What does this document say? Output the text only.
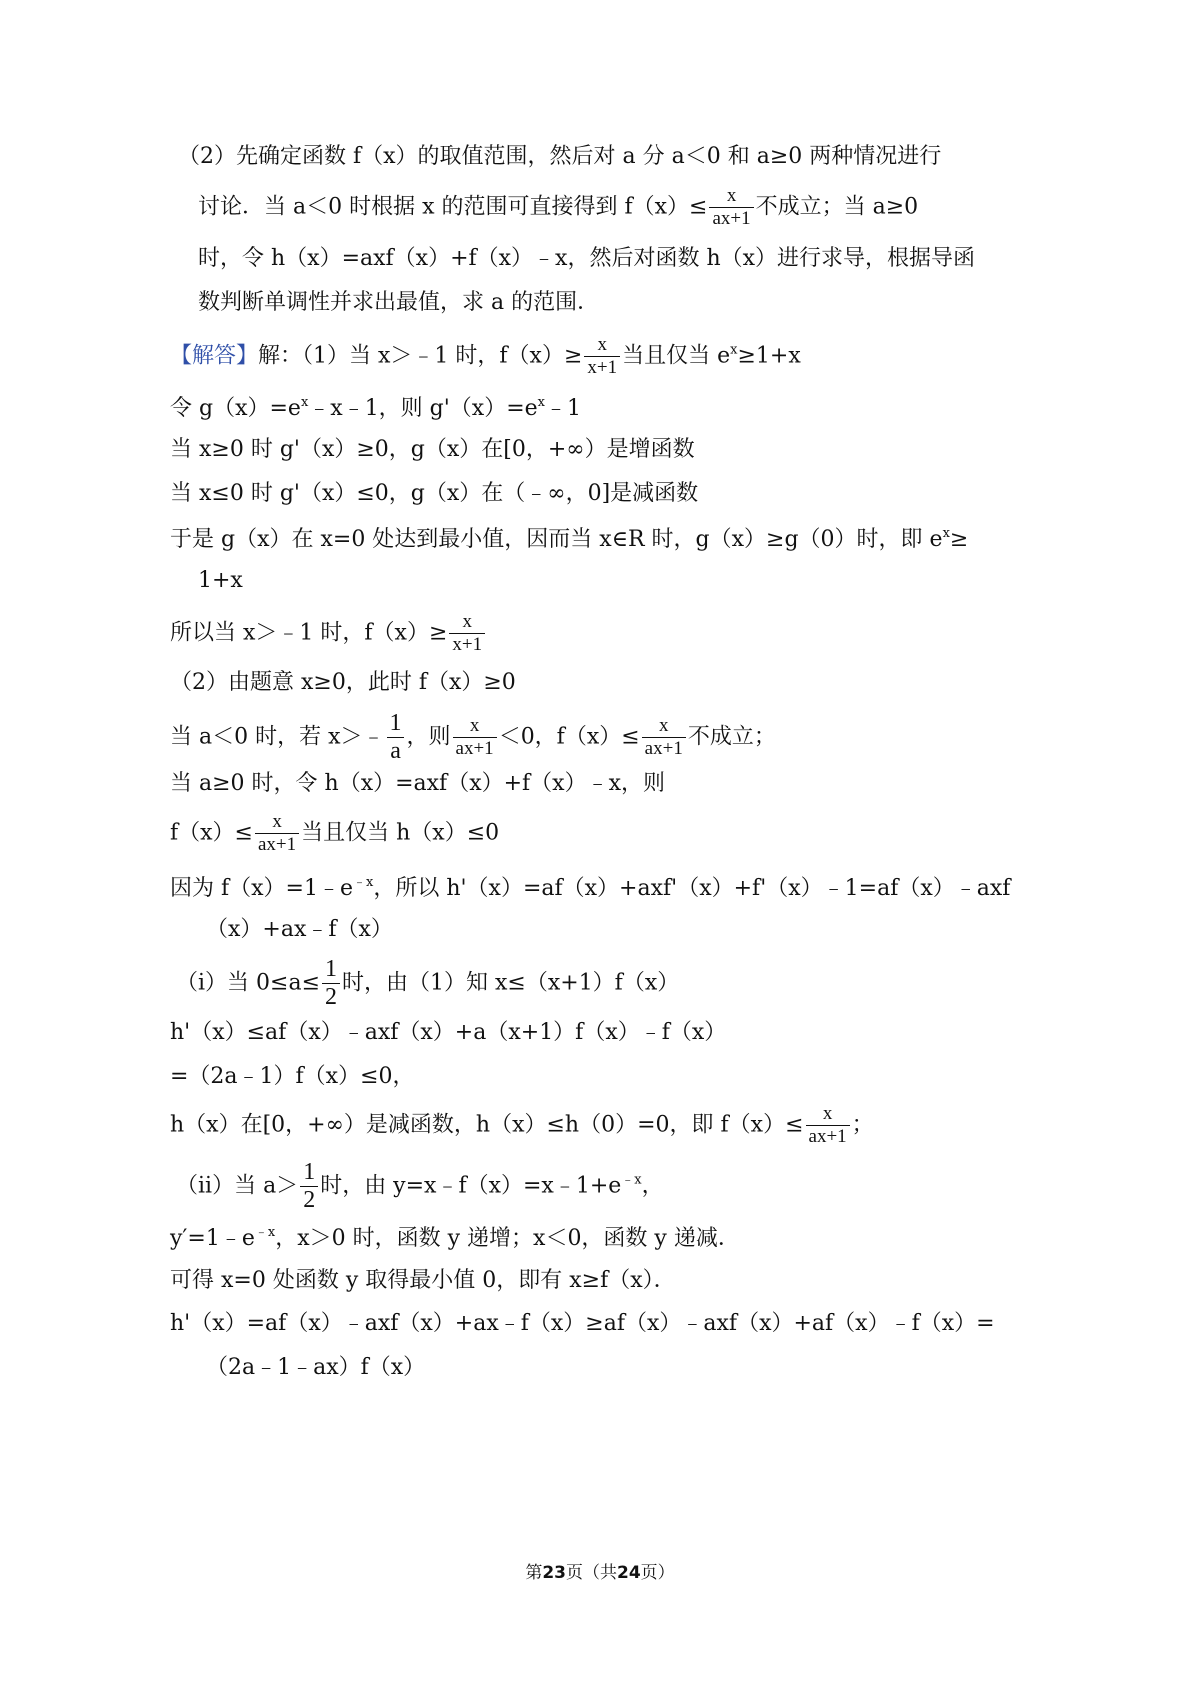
（2）先确定函数 f（x）的取值范围，然后对 a 分 a＜0 和 a≥0 两种情况进行
讨论．当 a＜0 时根据 x 的范围可直接得到 $f(x)\le \frac{x}{ax+1}$ 不成立；当 a≥0
时，令 h（x）=axf（x）+f（x）﹣x，然后对函数 h（x）进行求导，根据导函
数判断单调性并求出最值，求 a 的范围．
【解答】解：（1）当 x＞﹣1 时，$f(x)\ge \frac{x}{x+1}$ 当且仅当 $e^x\ge 1+x$
令 $g(x)=e^x﹣x﹣1$，则 $g'(x)=e^x﹣1$
当 x≥0 时 g'（x）≥0，g（x）在[0，+∞）是增函数
当 x≤0 时 g'（x）≤0，g（x）在（﹣∞，0]是减函数
于是 g（x）在 x=0 处达到最小值，因而当 x∈R 时，g（x）≥g（0）时，即 $e^x\ge$
1+x
所以当 x＞﹣1 时，$f(x)\ge \frac{x}{x+1}$
（2）由题意 x≥0，此时 f（x）≥0
当 a＜0 时，若 x＞﹣ $\frac{1}{a}$ ，则 $\frac{x}{ax+1} <0$，$f(x)\le \frac{x}{ax+1}$ 不成立；
当 a≥0 时，令 h（x）=axf（x）+f（x）﹣x，则
$f(x)\le \frac{x}{ax+1}$ 当且仅当 h（x）≤0
因为 $f(x)=1﹣e^{﹣x}$，所以 h'（x）=af（x）+axf'（x）+f'（x）﹣1=af（x）﹣axf
（x）+ax﹣f（x）
（i）当 $0\le a\le \frac{1}{2}$ 时，由（1）知 x≤（x+1）f（x）
h'（x）≤af（x）﹣axf（x）+a（x+1）f（x）﹣f（x）
=（2a﹣1）f（x）≤0，
h（x）在[0，+∞）是减函数，h（x）≤h（0）=0，即 $f(x)\le \frac{x}{ax+1}$ ；
（ii）当 $a> \frac{1}{2}$ 时，由 $y=x﹣f(x)=x﹣1+e^{﹣x}$，
$y'=1﹣e^{﹣x}$，x＞0 时，函数 y 递增；x＜0，函数 y 递减．
可得 x=0 处函数 y 取得最小值 0，即有 x≥f（x）．
h'（x）=af（x）﹣axf（x）+ax﹣f（x）≥af（x）﹣axf（x）+af（x）﹣f（x）=
（2a﹣1﹣ax）f（x）
第23页（共24页）
